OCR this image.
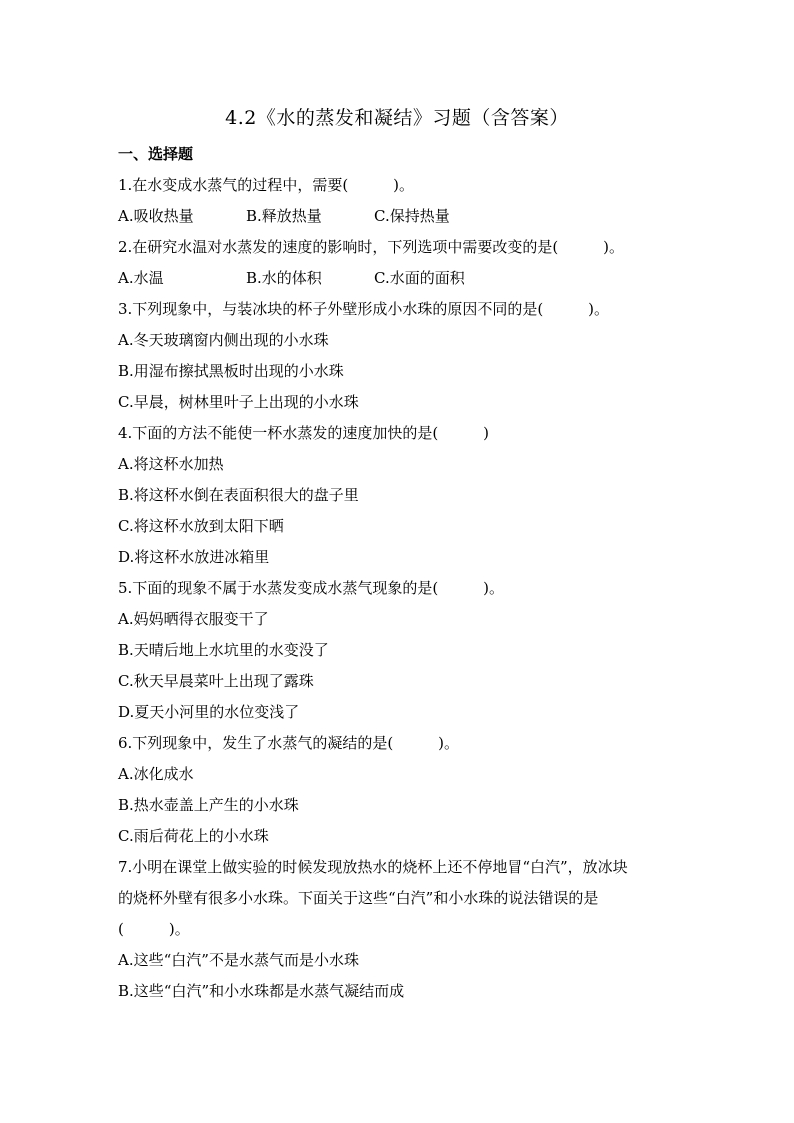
4.2《水的蒸发和凝结》习题（含答案）
一、选择题
1.在水变成水蒸气的过程中，需要(　　　)。
A.吸收热量	B.释放热量	C.保持热量
2.在研究水温对水蒸发的速度的影响时，下列选项中需要改变的是(　　　)。
A.水温	B.水的体积	C.水面的面积
3.下列现象中，与装冰块的杯子外壁形成小水珠的原因不同的是(　　　)。
A.冬天玻璃窗内侧出现的小水珠
B.用湿布擦拭黑板时出现的小水珠
C.早晨，树林里叶子上出现的小水珠
4.下面的方法不能使一杯水蒸发的速度加快的是(　　　)
A.将这杯水加热
B.将这杯水倒在表面积很大的盘子里
C.将这杯水放到太阳下晒
D.将这杯水放进冰箱里
5.下面的现象不属于水蒸发变成水蒸气现象的是(　　　)。
A.妈妈晒得衣服变干了
B.天晴后地上水坑里的水变没了
C.秋天早晨菜叶上出现了露珠
D.夏天小河里的水位变浅了
6.下列现象中，发生了水蒸气的凝结的是(　　　)。
A.冰化成水
B.热水壶盖上产生的小水珠
C.雨后荷花上的小水珠
7.小明在课堂上做实验的时候发现放热水的烧杯上还不停地冒“白汽”，放冰块
的烧杯外壁有很多小水珠。下面关于这些“白汽”和小水珠的说法错误的是
(　　　)。
A.这些“白汽”不是水蒸气而是小水珠
B.这些“白汽”和小水珠都是水蒸气凝结而成
